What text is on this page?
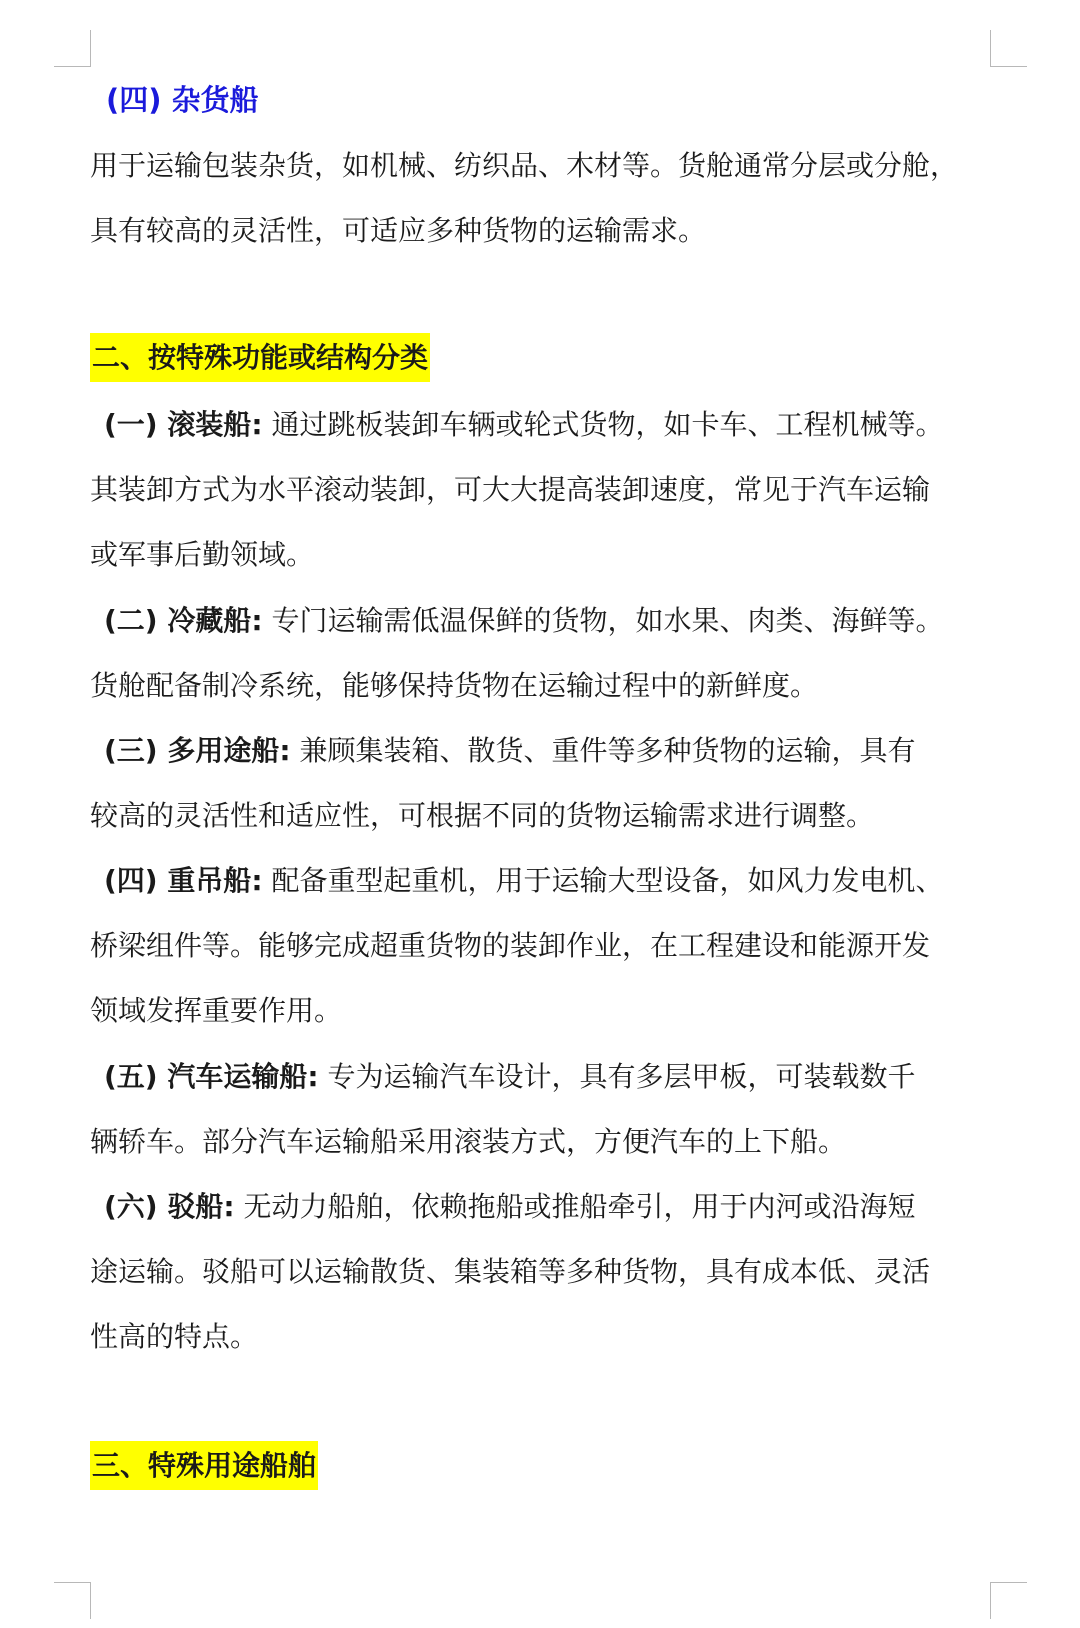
(四) 杂货船
用于运输包装杂货，如机械、纺织品、木材等。货舱通常分层或分舱，
具有较高的灵活性，可适应多种货物的运输需求。
二、按特殊功能或结构分类
(一) 滚装船: 通过跳板装卸车辆或轮式货物，如卡车、工程机械等。
其装卸方式为水平滚动装卸，可大大提高装卸速度，常见于汽车运输
或军事后勤领域。
(二) 冷藏船: 专门运输需低温保鲜的货物，如水果、肉类、海鲜等。
货舱配备制冷系统，能够保持货物在运输过程中的新鲜度。
(三) 多用途船: 兼顾集装箱、散货、重件等多种货物的运输，具有
较高的灵活性和适应性，可根据不同的货物运输需求进行调整。
(四) 重吊船: 配备重型起重机，用于运输大型设备，如风力发电机、
桥梁组件等。能够完成超重货物的装卸作业，在工程建设和能源开发
领域发挥重要作用。
(五) 汽车运输船: 专为运输汽车设计，具有多层甲板，可装载数千
辆轿车。部分汽车运输船采用滚装方式，方便汽车的上下船。
(六) 驳船: 无动力船舶，依赖拖船或推船牵引，用于内河或沿海短
途运输。驳船可以运输散货、集装箱等多种货物，具有成本低、灵活
性高的特点。
三、特殊用途船舶
